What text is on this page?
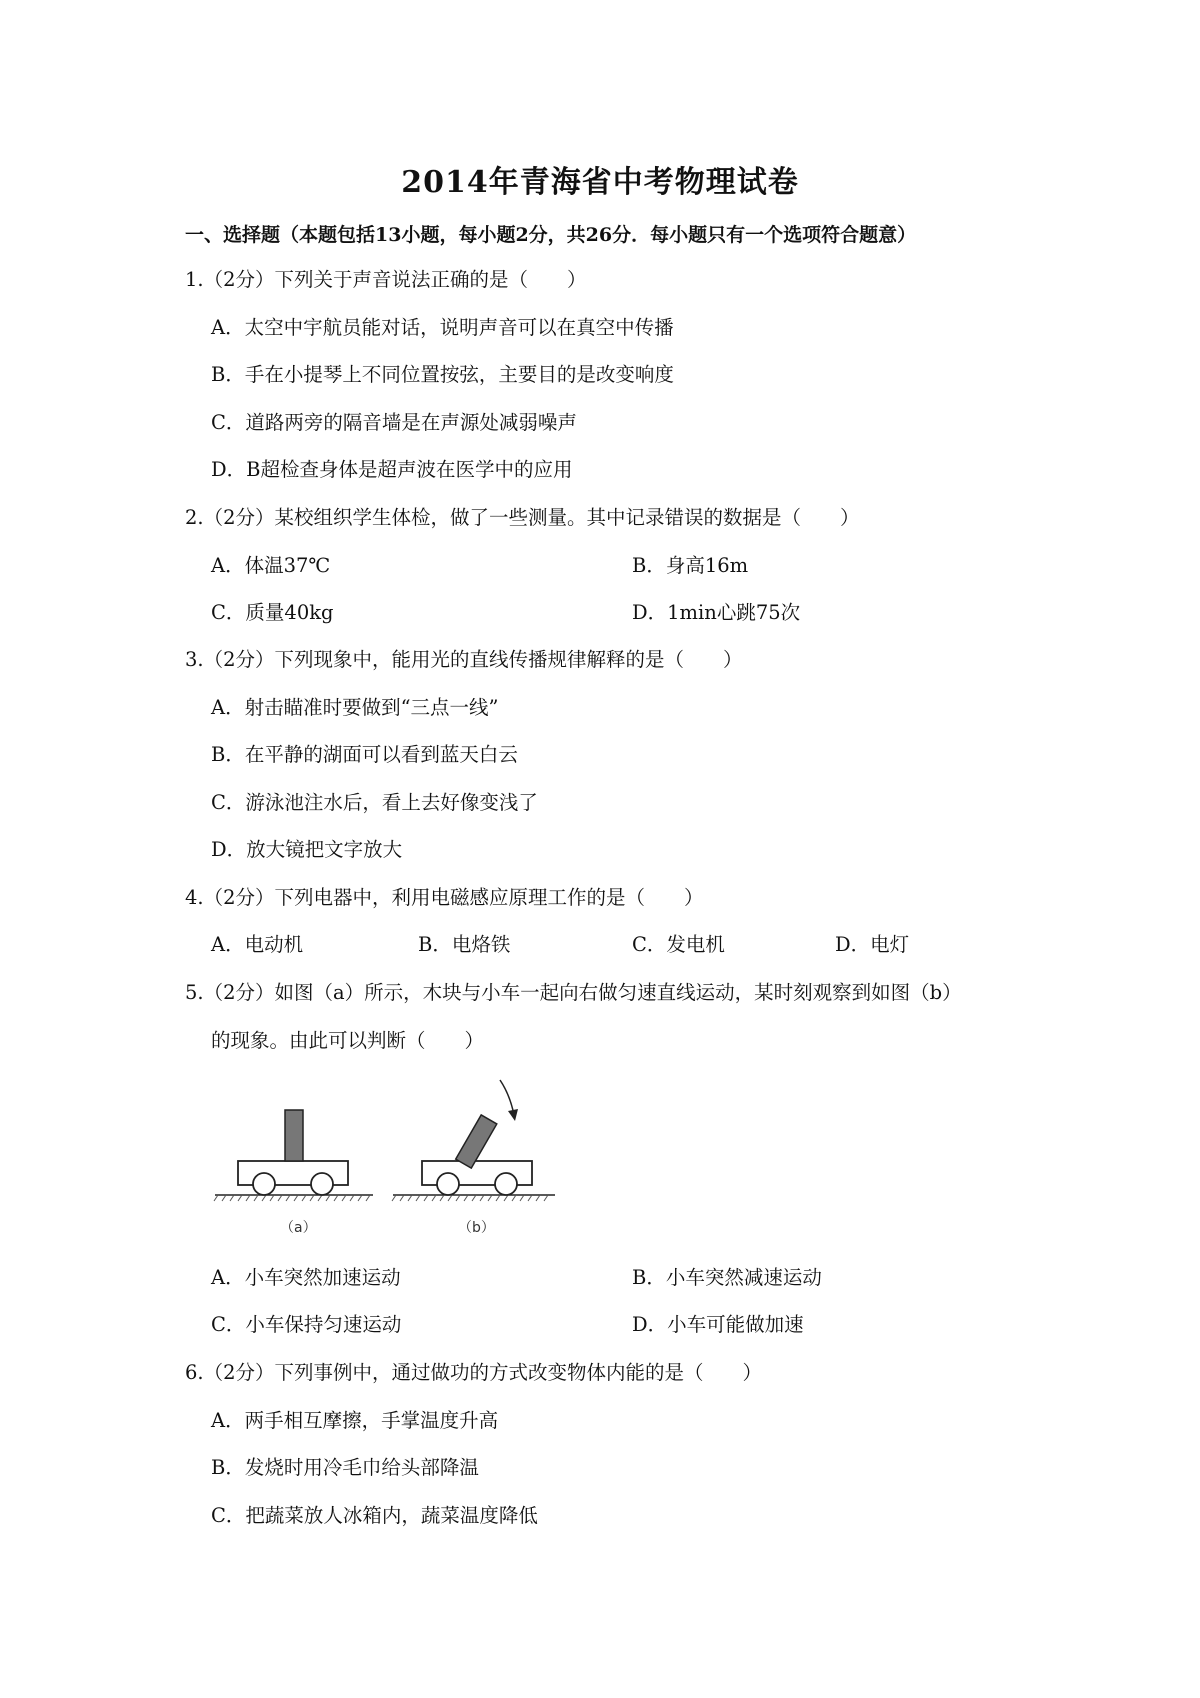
2014年青海省中考物理试卷
一、选择题（本题包括13小题，每小题2分，共26分．每小题只有一个选项符合题意）
1.（2分）下列关于声音说法正确的是（　　）
A．太空中宇航员能对话，说明声音可以在真空中传播
B．手在小提琴上不同位置按弦，主要目的是改变响度
C．道路两旁的隔音墙是在声源处减弱噪声
D．B超检查身体是超声波在医学中的应用
2.（2分）某校组织学生体检，做了一些测量。其中记录错误的数据是（　　）
A．体温37℃	B．身高16m
C．质量40kg	D．1min心跳75次
3.（2分）下列现象中，能用光的直线传播规律解释的是（　　）
A．射击瞄准时要做到“三点一线”
B．在平静的湖面可以看到蓝天白云
C．游泳池注水后，看上去好像变浅了
D．放大镜把文字放大
4.（2分）下列电器中，利用电磁感应原理工作的是（　　）
A．电动机	B．电烙铁	C．发电机	D．电灯
5.（2分）如图（a）所示，木块与小车一起向右做匀速直线运动，某时刻观察到如图（b）
的现象。由此可以判断（　　）
（a）	（b）
A．小车突然加速运动	B．小车突然减速运动
C．小车保持匀速运动	D．小车可能做加速
6.（2分）下列事例中，通过做功的方式改变物体内能的是（　　）
A．两手相互摩擦，手掌温度升高
B．发烧时用冷毛巾给头部降温
C．把蔬菜放人冰箱内，蔬菜温度降低
